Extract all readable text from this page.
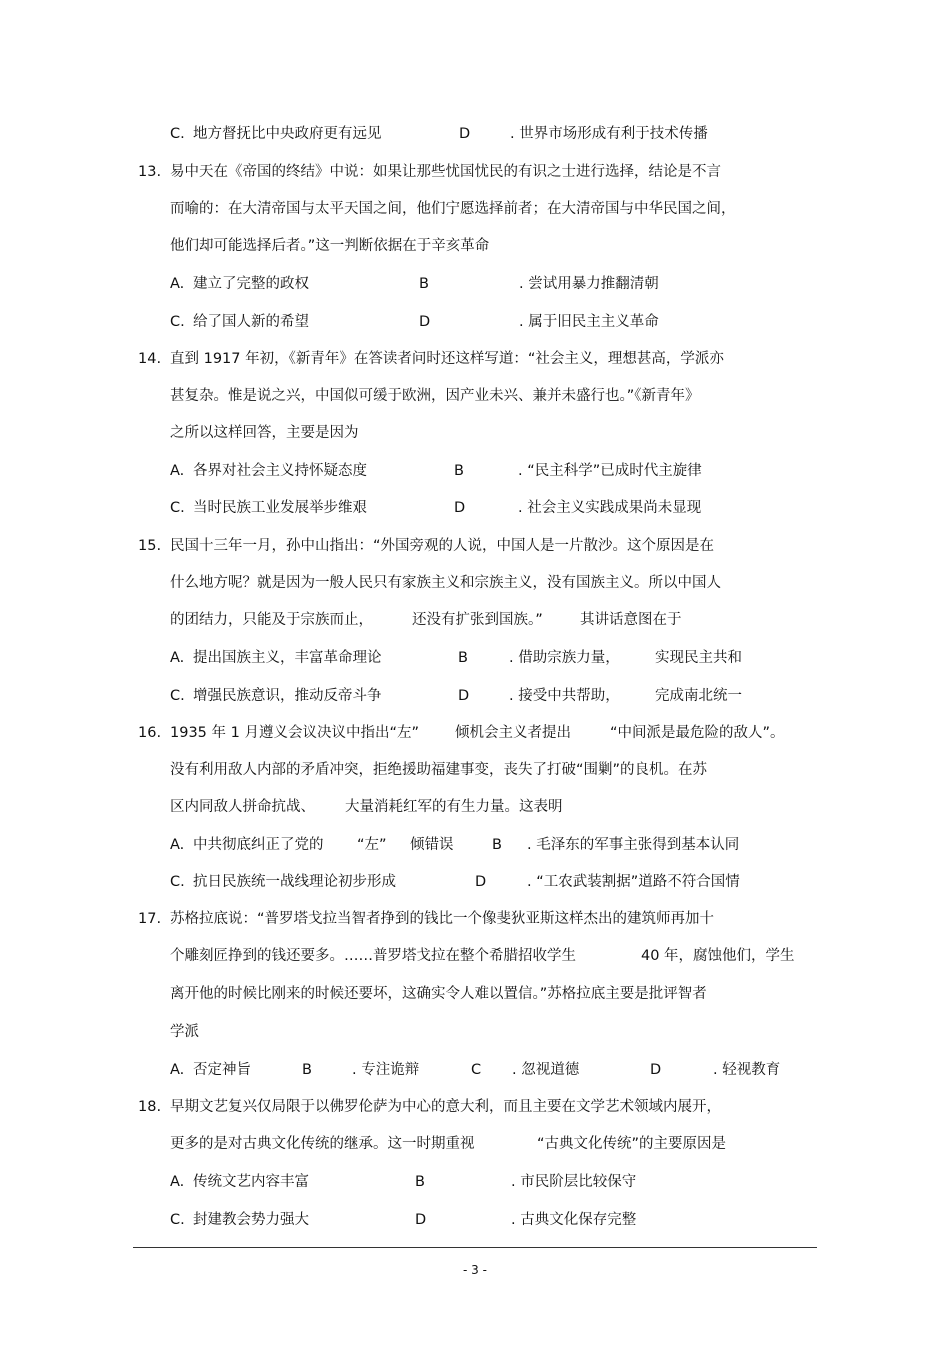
C. 地方督抚比中央政府更有远见	D	. 世界市场形成有利于技术传播
13. 易中天在《帝国的终结》中说：如果让那些忧国忧民的有识之士进行选择，结论是不言
而喻的：在大清帝国与太平天国之间，他们宁愿选择前者；在大清帝国与中华民国之间，
他们却可能选择后者。”这一判断依据在于辛亥革命
A. 建立了完整的政权	B	. 尝试用暴力推翻清朝
C. 给了国人新的希望	D	. 属于旧民主主义革命
14. 直到 1917 年初，《新青年》在答读者问时还这样写道：“社会主义，理想甚高，学派亦
甚复杂。惟是说之兴，中国似可缓于欧洲，因产业未兴、兼并未盛行也。”《新青年》
之所以这样回答，主要是因为
A. 各界对社会主义持怀疑态度	B	. “民主科学”已成时代主旋律
C. 当时民族工业发展举步维艰	D	. 社会主义实践成果尚未显现
15. 民国十三年一月，孙中山指出：“外国旁观的人说，中国人是一片散沙。这个原因是在
什么地方呢？就是因为一般人民只有家族主义和宗族主义，没有国族主义。所以中国人
的团结力，只能及于宗族而止，	还没有扩张到国族。”	其讲话意图在于
A. 提出国族主义，丰富革命理论	B	. 借助宗族力量， 实现民主共和
C. 增强民族意识，推动反帝斗争	D	. 接受中共帮助， 完成南北统一
16. 1935 年 1 月遵义会议决议中指出“左” 倾机会主义者提出	“中间派是最危险的敌人”。
没有利用敌人内部的矛盾冲突，拒绝援助福建事变，丧失了打破“围剿”的良机。在苏
区内同敌人拼命抗战、 大量消耗红军的有生力量。这表明
A. 中共彻底纠正了党的 “左” 倾错误	B . 毛泽东的军事主张得到基本认同
C. 抗日民族统一战线理论初步形成	D	. “工农武装割据”道路不符合国情
17. 苏格拉底说：“普罗塔戈拉当智者挣到的钱比一个像斐狄亚斯这样杰出的建筑师再加十
个雕刻匠挣到的钱还要多。……普罗塔戈拉在整个希腊招收学生	40 年，腐蚀他们，学生
离开他的时候比刚来的时候还要坏，这确实令人难以置信。”苏格拉底主要是批评智者
学派
A. 否定神旨	B	. 专注诡辩	C . 忽视道德	D	. 轻视教育
18. 早期文艺复兴仅局限于以佛罗伦萨为中心的意大利，而且主要在文学艺术领域内展开，
更多的是对古典文化传统的继承。这一时期重视	“古典文化传统”的主要原因是
A. 传统文艺内容丰富	B	. 市民阶层比较保守
C. 封建教会势力强大	D	. 古典文化保存完整
- 3 -
